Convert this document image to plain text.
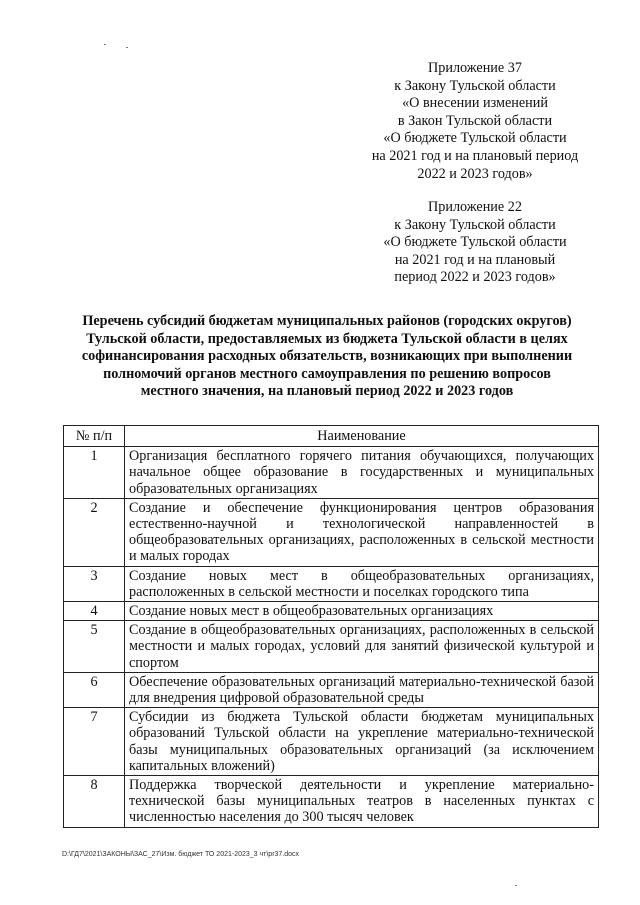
Приложение 37
к Закону Тульской области
«О внесении изменений
в Закон Тульской области
«О бюджете Тульской области
на 2021 год и на плановый период
2022 и 2023 годов»
Приложение 22
к Закону Тульской области
«О бюджете Тульской области
на 2021 год и на плановый
период 2022 и 2023 годов»
Перечень субсидий бюджетам муниципальных районов (городских округов)
Тульской области, предоставляемых из бюджета Тульской области в целях
софинансирования расходных обязательств, возникающих при выполнении
полномочий органов местного самоуправления по решению вопросов
местного значения, на плановый период 2022 и 2023 годов
№ п/п	Наименование
1	Организация бесплатного горячего питания обучающихся, получающих начальное общее образование в государственных и муниципальных образовательных организациях
2	Создание и обеспечение функционирования центров образования естественно-научной и технологической направленностей в общеобразовательных организациях, расположенных в сельской местности и малых городах
3	Создание новых мест в общеобразовательных организациях, расположенных в сельской местности и поселках городского типа
4	Создание новых мест в общеобразовательных организациях
5	Создание в общеобразовательных организациях, расположенных в сельской местности и малых городах, условий для занятий физической культурой и спортом
6	Обеспечение образовательных организаций материально-технической базой для внедрения цифровой образовательной среды
7	Субсидии из бюджета Тульской области бюджетам муниципальных образований Тульской области на укрепление материально-технической базы муниципальных образовательных организаций (за исключением капитальных вложений)
8	Поддержка творческой деятельности и укрепление материально-технической базы муниципальных театров в населенных пунктах с численностью населения до 300 тысяч человек
D:\ГД7\2021\ЗАКОНЫ\ЗАС_27\Изм. бюджет ТО 2021-2023_3 чт\pr37.docx
